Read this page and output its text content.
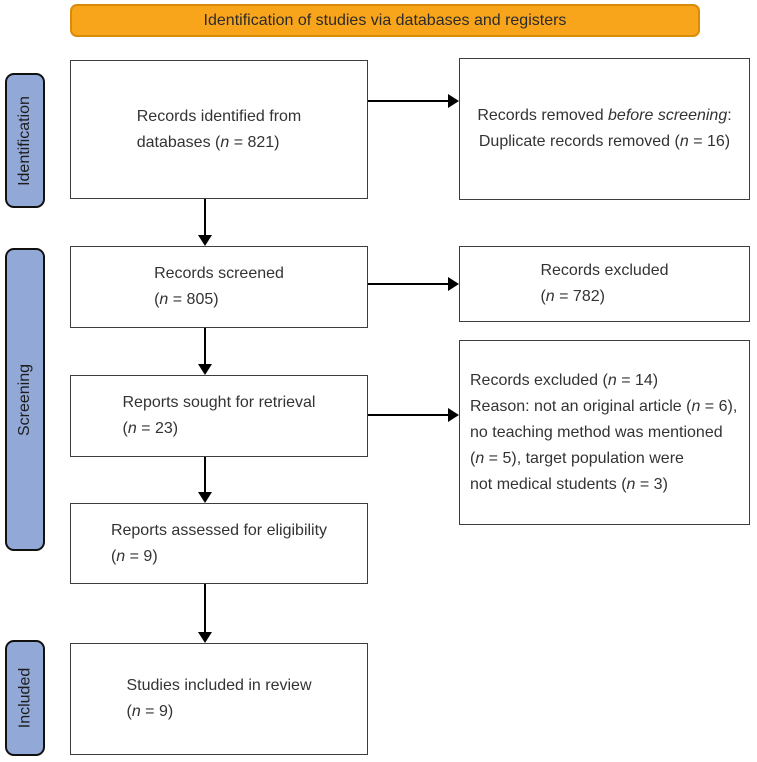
Identification of studies via databases and registers
Identification
Screening
Included
Records identified from
databases (n = 821)
Records screened
(n = 805)
Reports sought for retrieval
(n = 23)
Reports assessed for eligibility
(n = 9)
Studies included in review
(n = 9)
Records removed before screening:
Duplicate records removed (n = 16)
Records excluded
(n = 782)
Records excluded (n = 14)
Reason: not an original article (n = 6),
no teaching method was mentioned
(n = 5), target population were
not medical students (n = 3)
